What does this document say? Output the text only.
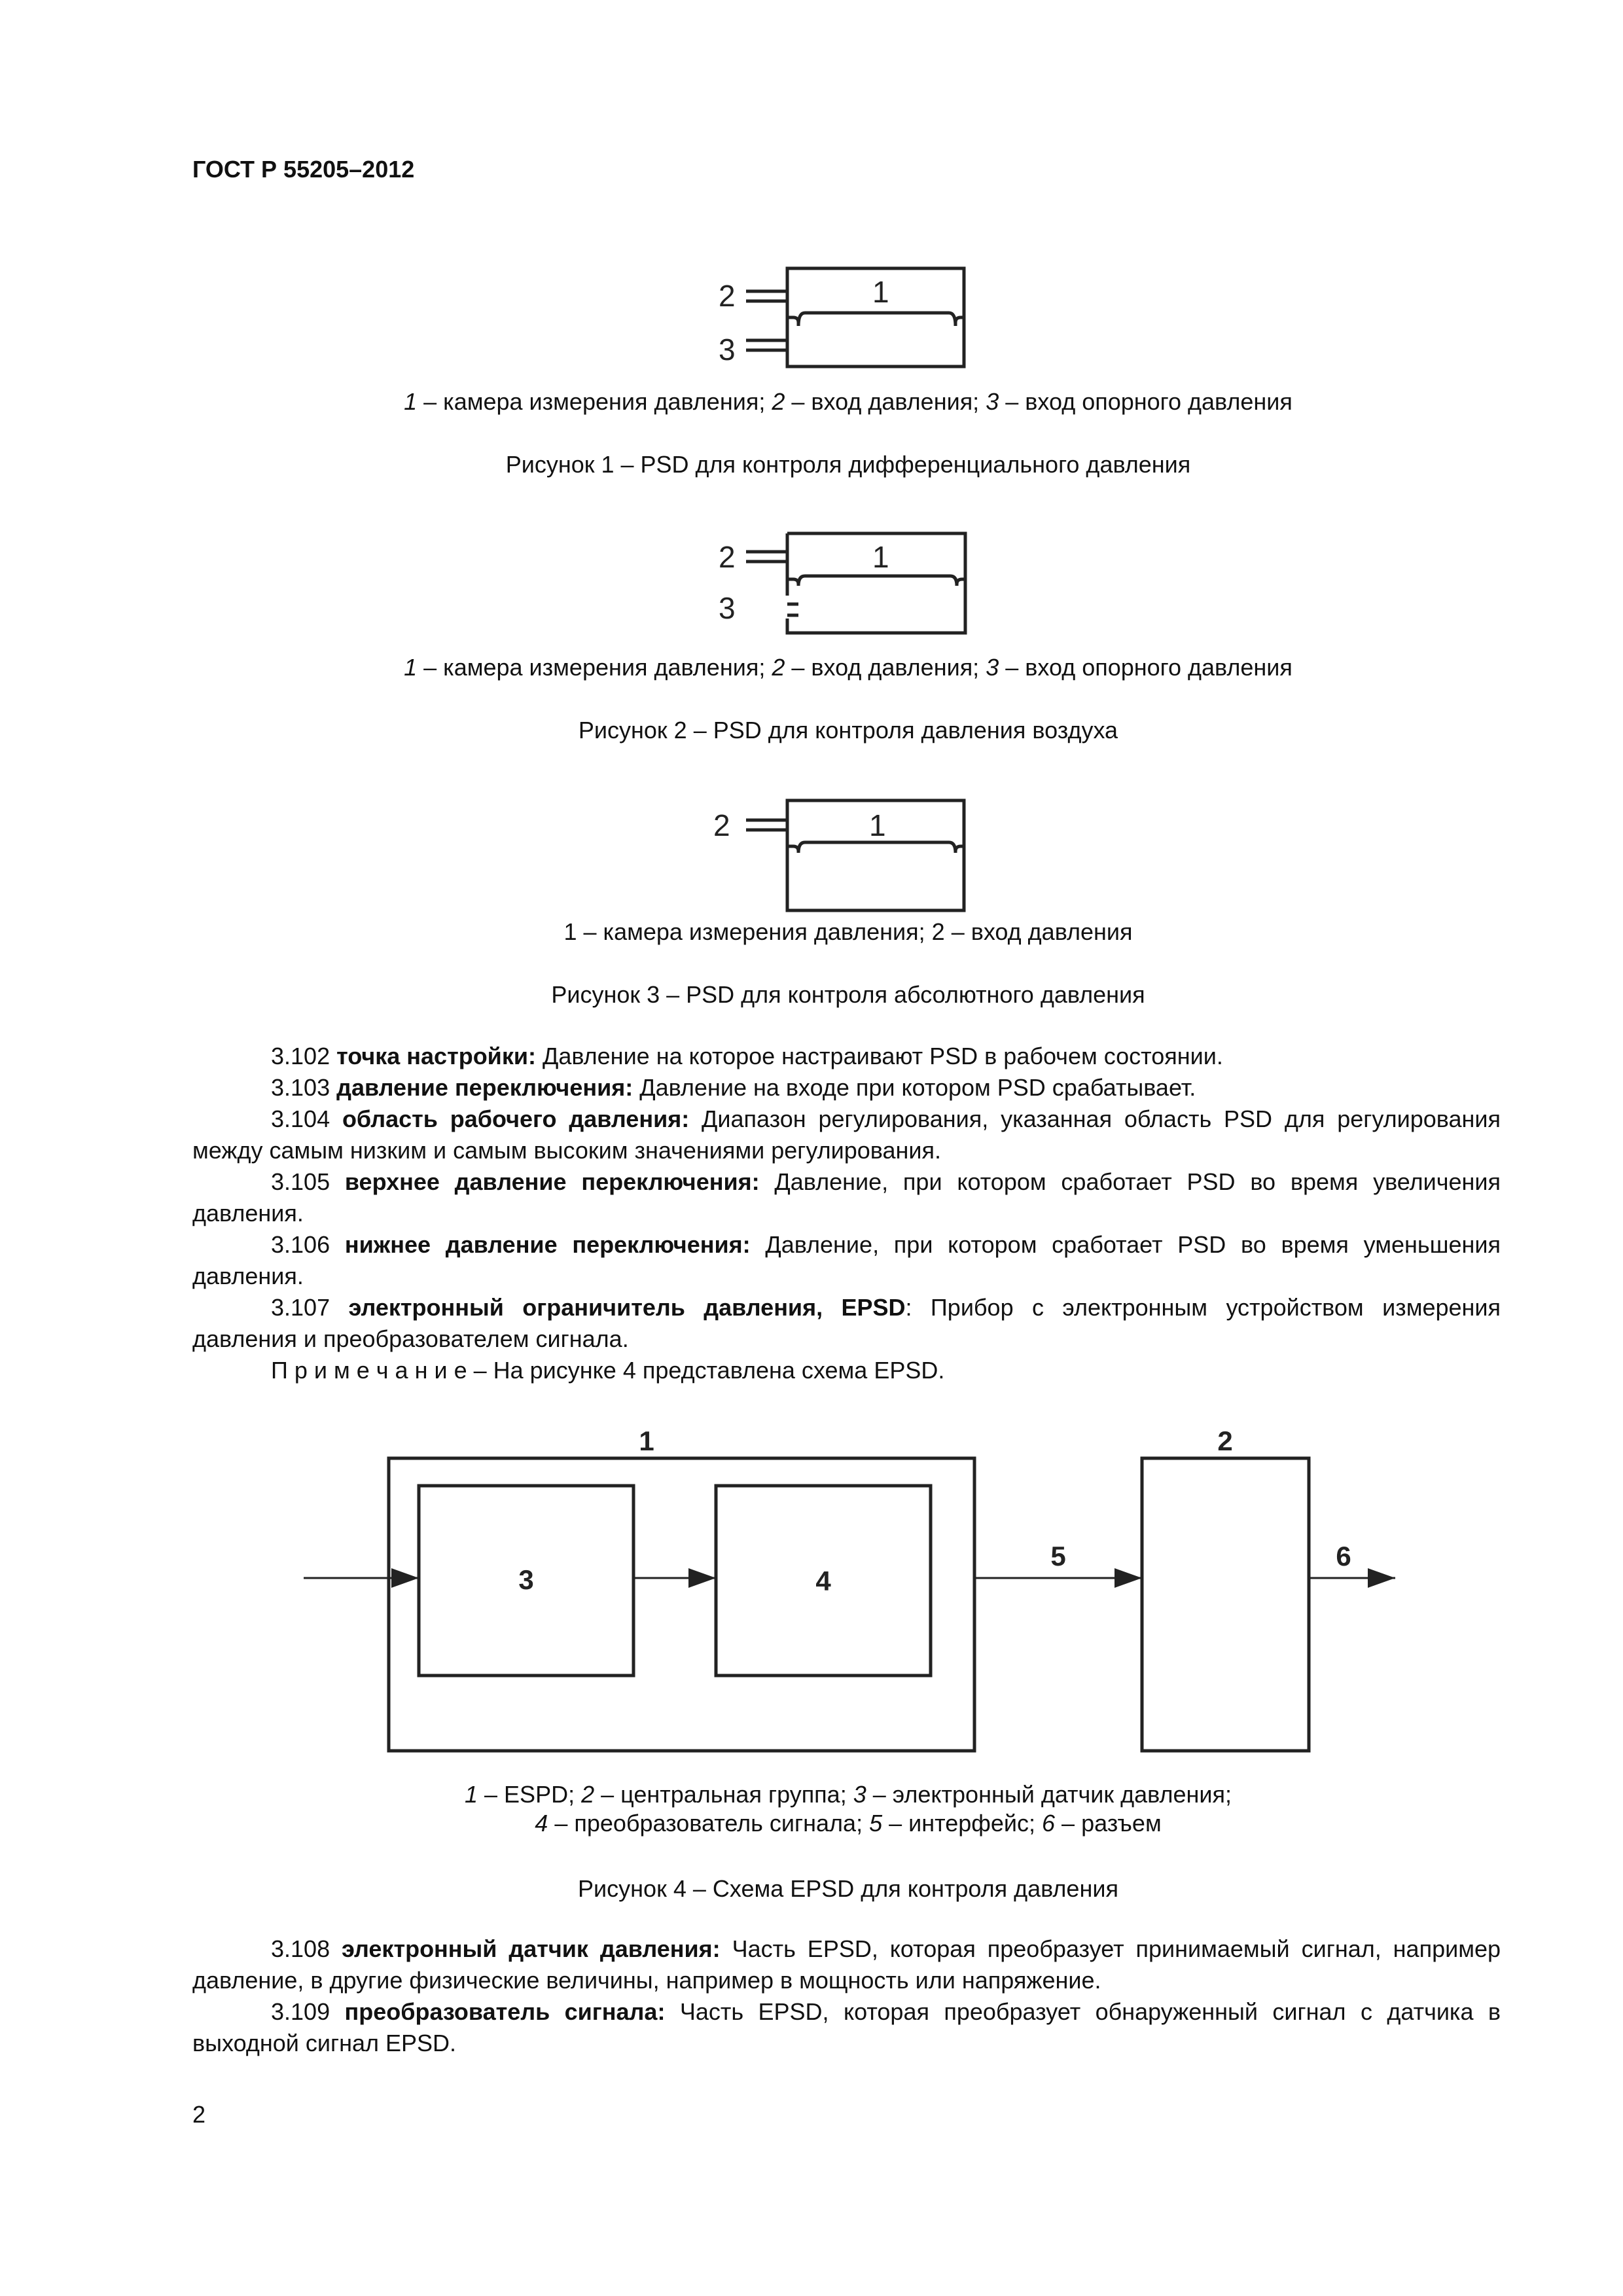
ГОСТ Р 55205–2012
1
2
3
1 – камера измерения давления; 2 – вход давления; 3 – вход опорного давления
Рисунок 1 – PSD для контроля дифференциального давления
1
2
3
1 – камера измерения давления; 2 – вход давления; 3 – вход опорного давления
Рисунок 2 – PSD для контроля давления воздуха
1
2
1 – камера измерения давления; 2 – вход давления
Рисунок 3 – PSD для контроля абсолютного давления
3.102 точка настройки: Давление на которое настраивают PSD в рабочем состоянии.
3.103 давление переключения: Давление на входе при котором PSD срабатывает.
3.104 область рабочего давления: Диапазон регулирования, указанная область PSD для регулирования между самым низким и самым высоким значениями регулирования.
3.105 верхнее давление переключения: Давление, при котором сработает PSD во время увеличения давления.
3.106 нижнее давление переключения: Давление, при котором сработает PSD во время уменьшения давления.
3.107 электронный ограничитель давления, EPSD: Прибор с электронным устройством измерения давления и преобразователем сигнала.
П р и м е ч а н и е – На рисунке 4 представлена схема EPSD.
1	2
3	4
5	6
1 – ESPD; 2 – центральная группа; 3 – электронный датчик давления;
4 – преобразователь сигнала; 5 – интерфейс; 6 – разъем
Рисунок 4 – Схема EPSD для контроля давления
3.108 электронный датчик давления: Часть EPSD, которая преобразует принимаемый сигнал, например давление, в другие физические величины, например в мощность или напряжение.
3.109 преобразователь сигнала: Часть EPSD, которая преобразует обнаруженный сигнал с датчика в выходной сигнал EPSD.
2
